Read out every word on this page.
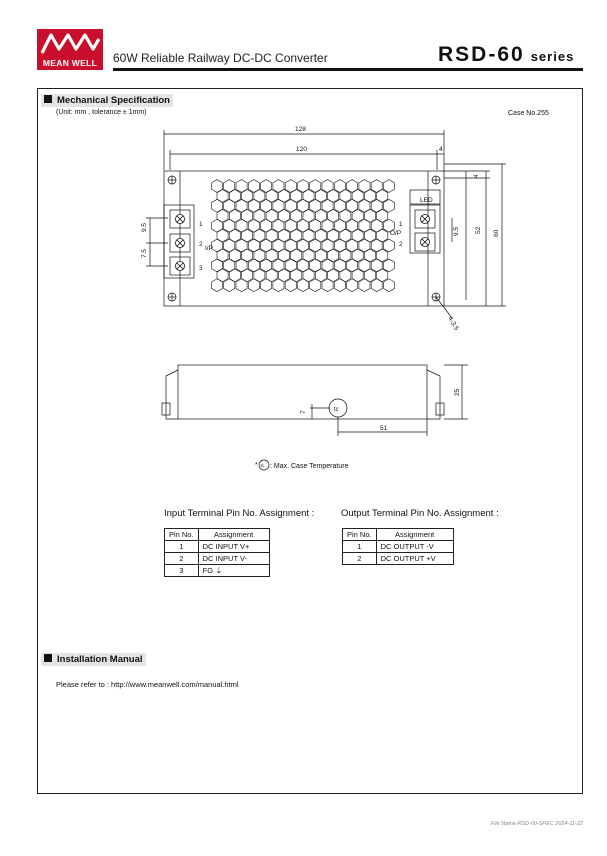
MEAN WELL	60W Reliable Railway DC-DC Converter	RSD-60 series
Mechanical Specification
(Unit: mm , tolerance ± 1mm)	Case No.255
128
120	4
LED
I/P
O/P
1
2
3
1
2
9.5
7.5
9.5 52 60
4
4-3.5
tc
51
7
25
* tc : Max. Case Temperature
Input Terminal Pin No. Assignment :
Pin No.	Assignment
1	DC INPUT V+
2	DC INPUT V-
3	FG ⏚
Output Terminal Pin No. Assignment :
Pin No.	Assignment
1	DC OUTPUT -V
2	DC OUTPUT +V
Installation Manual
Please refer to : http://www.meanwell.com/manual.html
File Name:RSD-60-SPEC 2024-11-22
